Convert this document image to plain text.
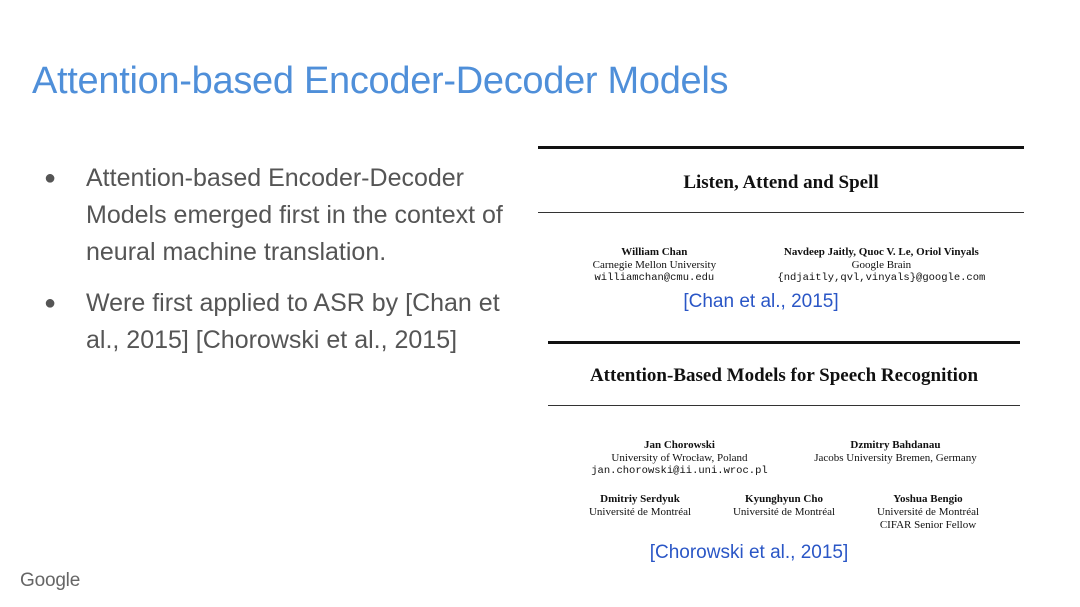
Attention-based Encoder-Decoder Models
● Attention-based Encoder-Decoder Models emerged first in the context of neural machine translation.
● Were first applied to ASR by [Chan et al., 2015] [Chorowski et al., 2015]
Listen, Attend and Spell
William Chan
Carnegie Mellon University
williamchan@cmu.edu
Navdeep Jaitly, Quoc V. Le, Oriol Vinyals
Google Brain
{ndjaitly,qvl,vinyals}@google.com
[Chan et al., 2015]
Attention-Based Models for Speech Recognition
Jan Chorowski
University of Wrocław, Poland
jan.chorowski@ii.uni.wroc.pl
Dzmitry Bahdanau
Jacobs University Bremen, Germany
Dmitriy Serdyuk
Université de Montréal
Kyunghyun Cho
Université de Montréal
Yoshua Bengio
Université de Montréal
CIFAR Senior Fellow
[Chorowski et al., 2015]
Google
